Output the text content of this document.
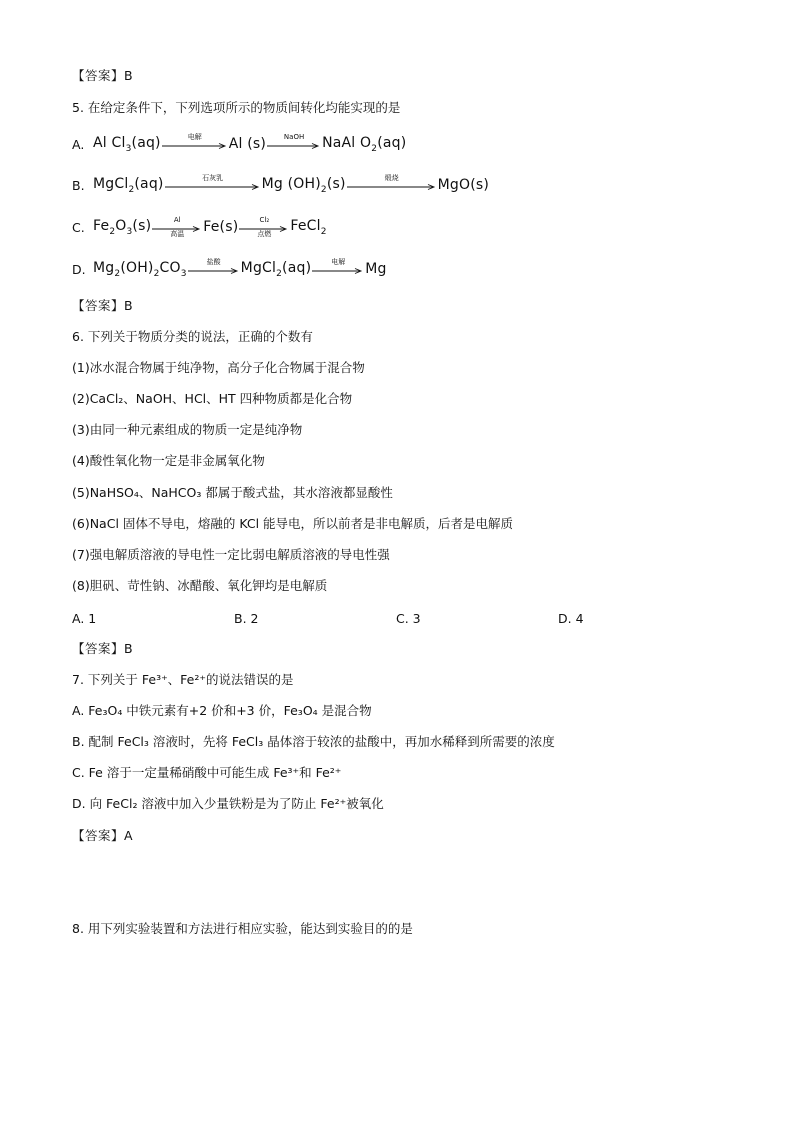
【答案】B
5. 在给定条件下，下列选项所示的物质间转化均能实现的是
A. Al $Cl_3(aq)$	电解	Al (s)	NaOH	NaAl $O_2(aq)$
B. MgCl$_2$(aq)	石灰乳	Mg $(OH)_2(s)$	煅烧	MgO(s)
C. $Fe_2O_3(s)$	Al
高温	Fe(s)	Cl₂
点燃
FeCl$_2$
D. $Mg_2(OH)_2CO_3$
盐酸	MgCl$_2$(aq)	电解	Mg
【答案】B
6. 下列关于物质分类的说法，正确的个数有
(1)冰水混合物属于纯净物，高分子化合物属于混合物
(2)CaCl₂、NaOH、HCl、HT 四种物质都是化合物
(3)由同一种元素组成的物质一定是纯净物
(4)酸性氧化物一定是非金属氧化物
(5)NaHSO₄、NaHCO₃ 都属于酸式盐，其水溶液都显酸性
(6)NaCl 固体不导电，熔融的 KCl 能导电，所以前者是非电解质，后者是电解质
(7)强电解质溶液的导电性一定比弱电解质溶液的导电性强
(8)胆矾、苛性钠、冰醋酸、氧化钾均是电解质
A. 1	B. 2	C. 3	D. 4
【答案】B
7. 下列关于 Fe³⁺、Fe²⁺的说法错误的是
A. Fe₃O₄ 中铁元素有+2 价和+3 价，Fe₃O₄ 是混合物
B. 配制 FeCl₃ 溶液时，先将 FeCl₃ 晶体溶于较浓的盐酸中，再加水稀释到所需要的浓度
C. Fe 溶于一定量稀硝酸中可能生成 Fe³⁺和 Fe²⁺
D. 向 FeCl₂ 溶液中加入少量铁粉是为了防止 Fe²⁺被氧化
【答案】A
8. 用下列实验装置和方法进行相应实验，能达到实验目的的是
